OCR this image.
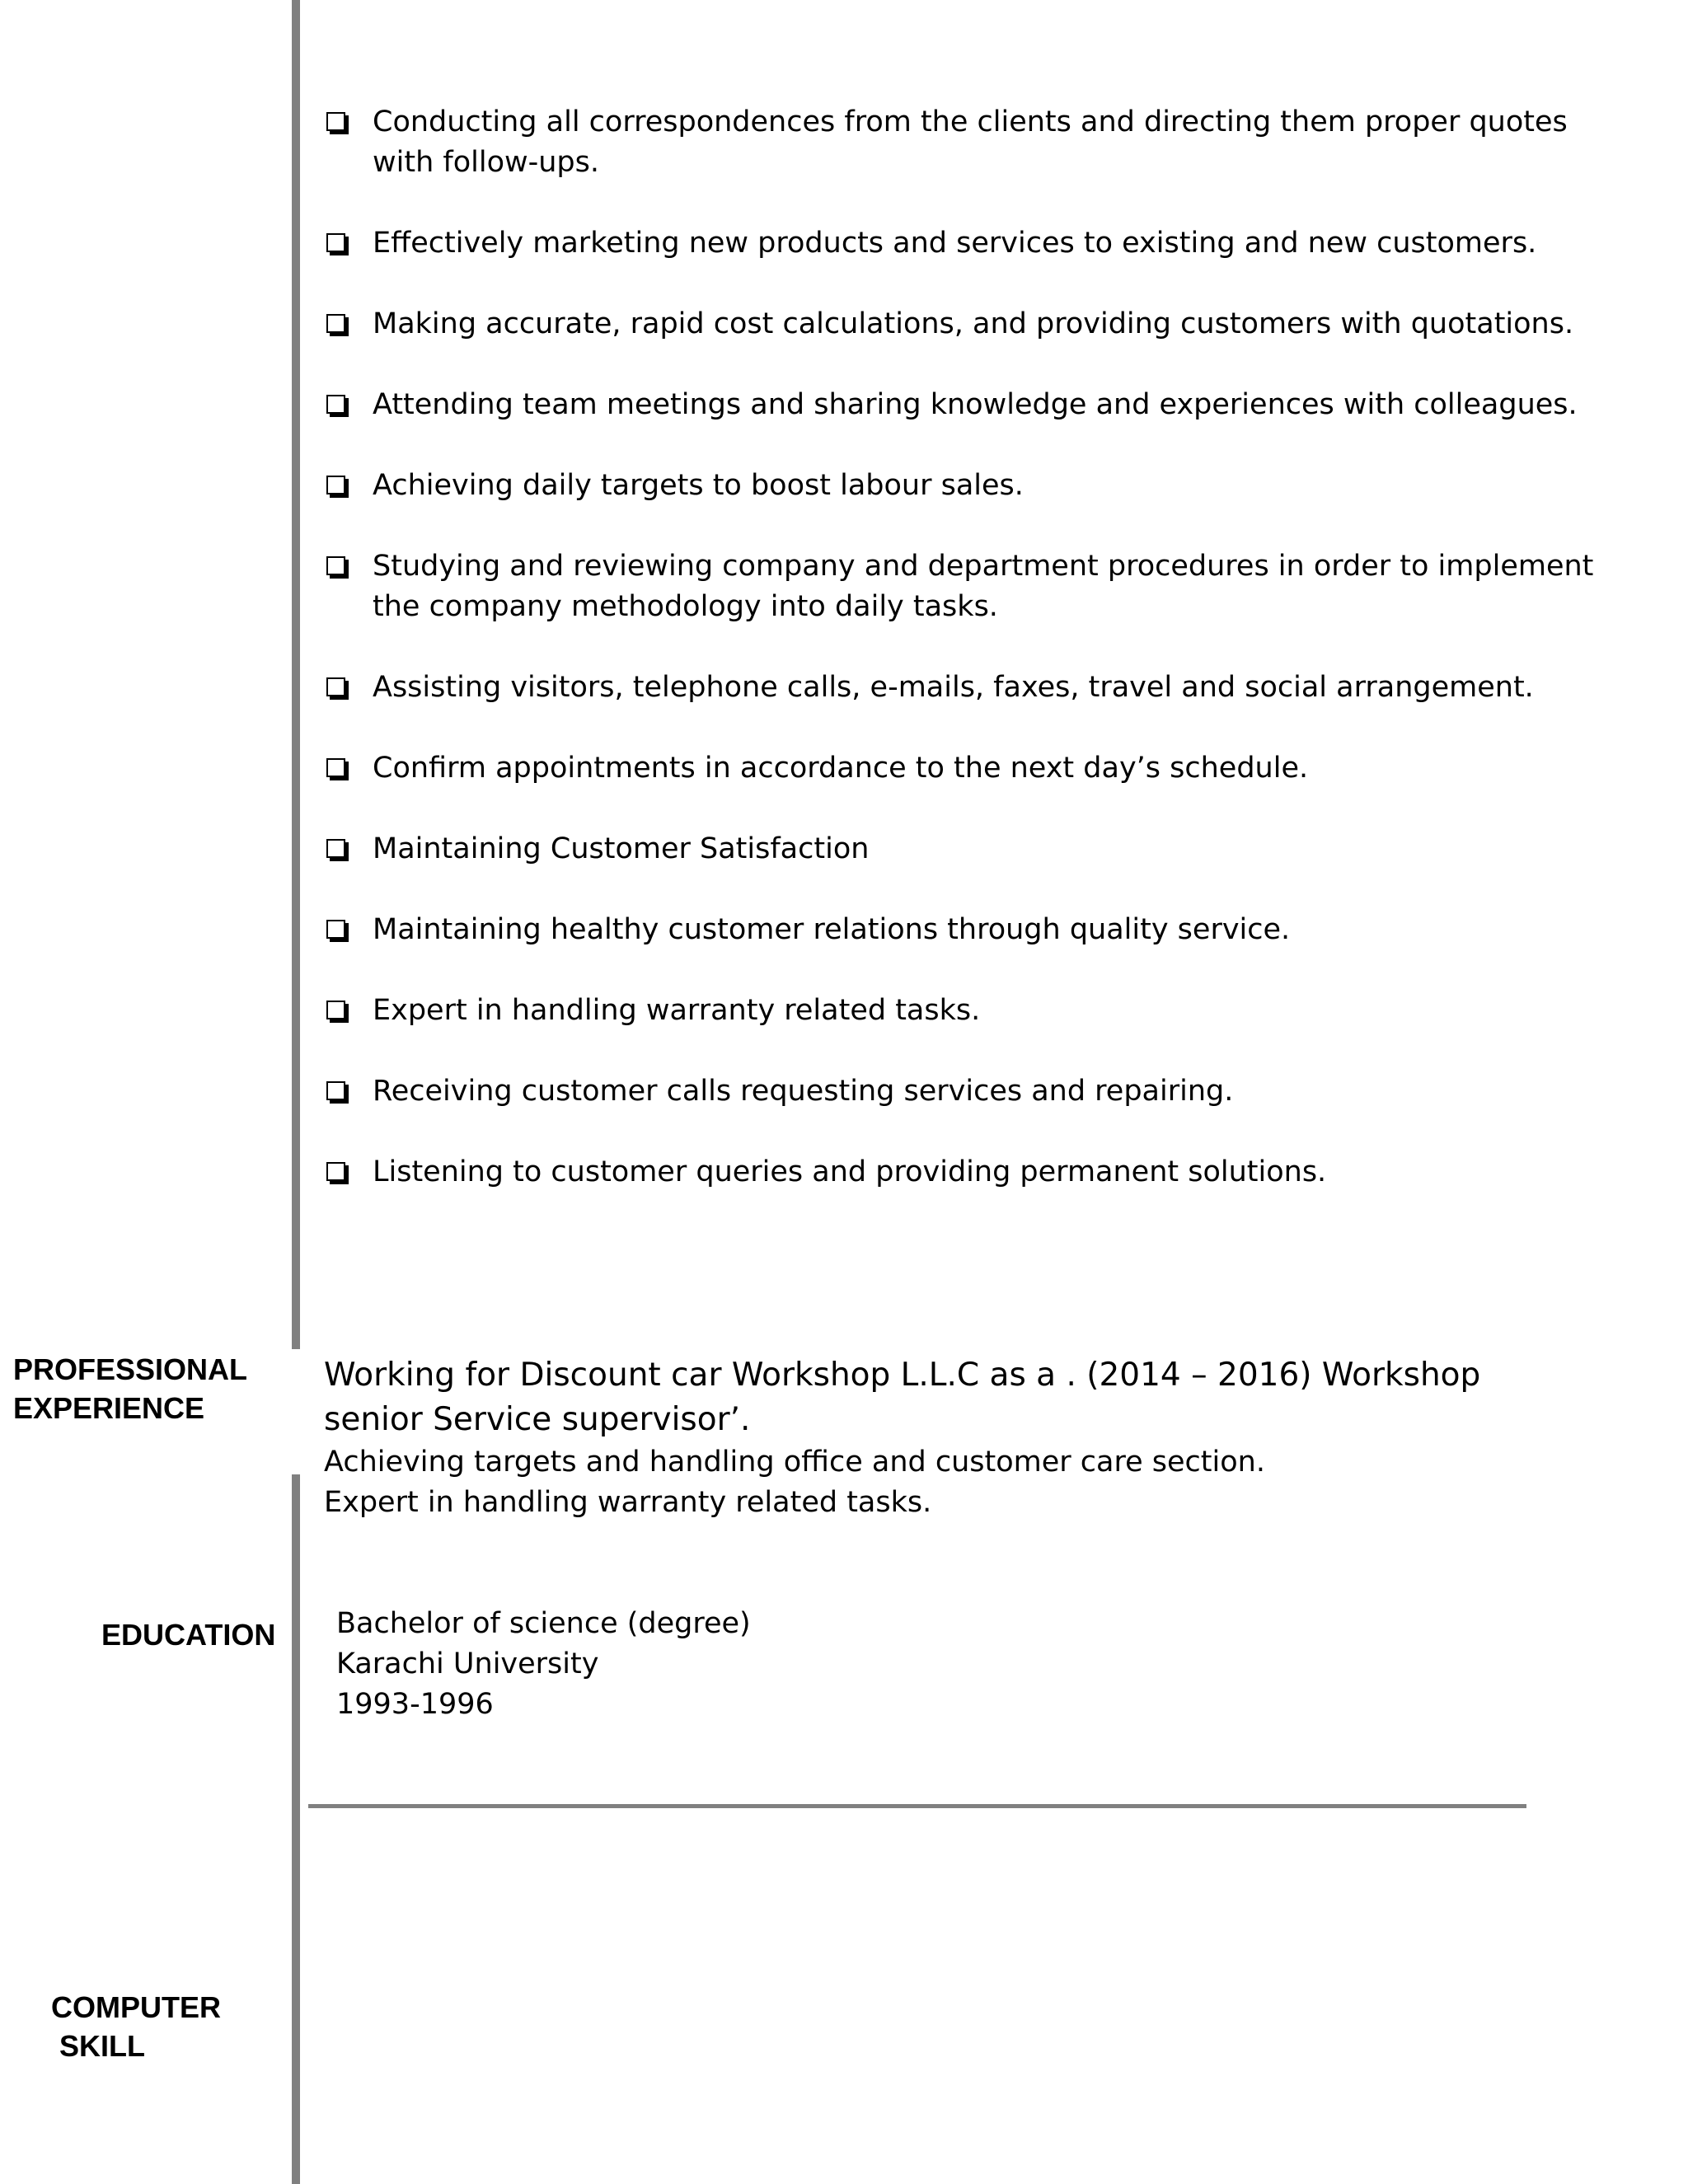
Conducting all correspondences from the clients and directing them proper quotes with follow-ups.
Effectively marketing new products and services to existing and new customers.
Making accurate, rapid cost calculations, and providing customers with quotations.
Attending team meetings and sharing knowledge and experiences with colleagues.
Achieving daily targets to boost labour sales.
Studying and reviewing company and department procedures in order to implement the company methodology into daily tasks.
Assisting visitors, telephone calls, e-mails, faxes, travel and social arrangement.
Confirm appointments in accordance to the next day’s schedule.
Maintaining Customer Satisfaction
Maintaining healthy customer relations through quality service.
Expert in handling warranty related tasks.
Receiving customer calls requesting services and repairing.
Listening to customer queries and providing permanent solutions.
PROFESSIONAL
EXPERIENCE
Working for Discount car Workshop L.L.C as a . (2014 – 2016) Workshop senior Service supervisor’.
Achieving targets and handling office and customer care section.
Expert in handling warranty related tasks.
EDUCATION Bachelor of science (degree)
Karachi University
1993-1996
COMPUTER
SKILL
